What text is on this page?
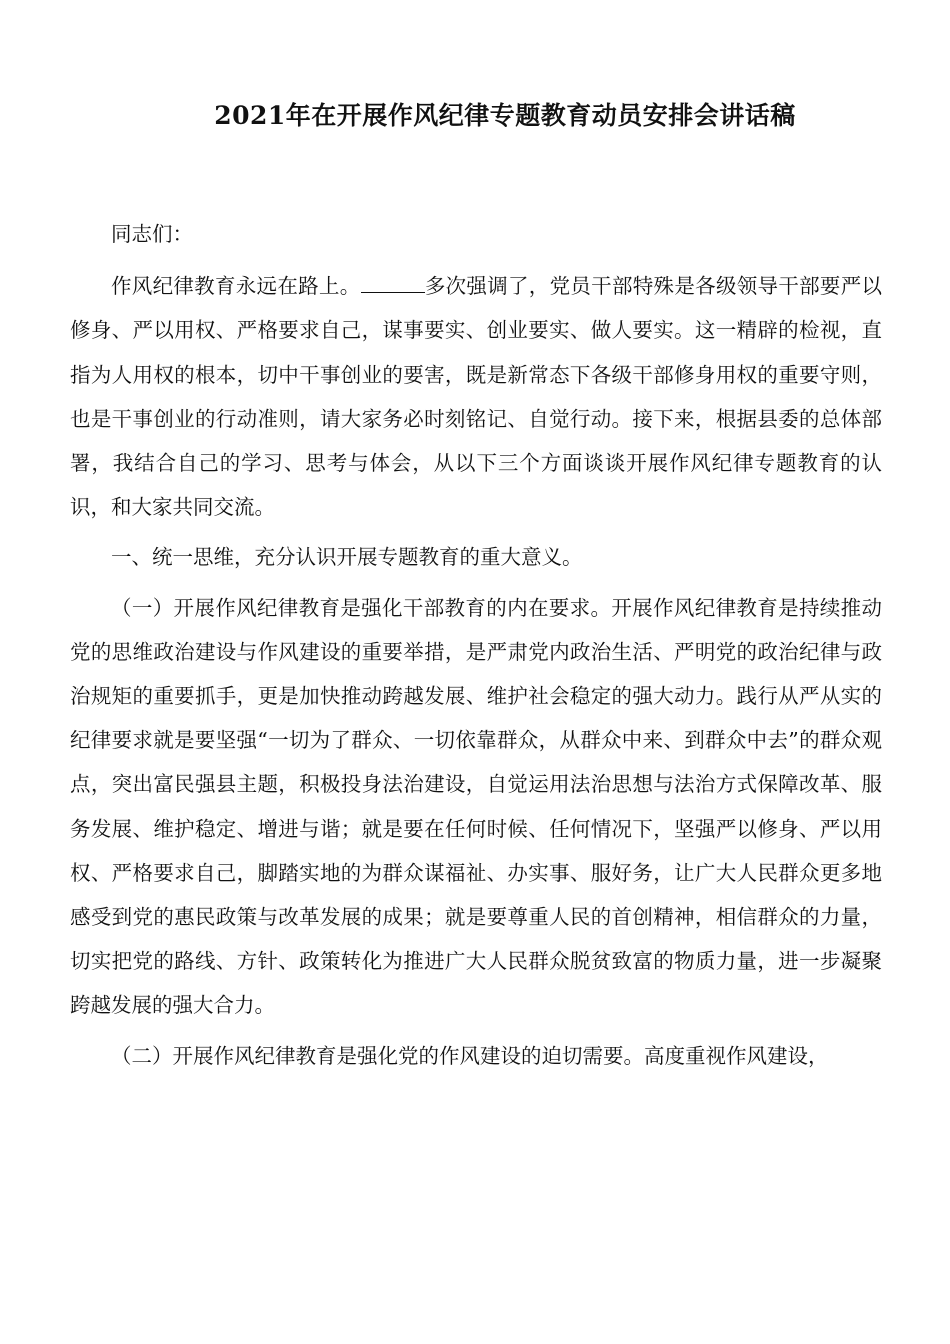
2021年在开展作风纪律专题教育动员安排会讲话稿

同志们：

作风纪律教育永远在路上。	多次强调了，党员干部特殊是各级领导干部要严以修身、严以用权、严格要求自己，谋事要实、创业要实、做人要实。这一精辟的检视，直指为人用权的根本，切中干事创业的要害，既是新常态下各级干部修身用权的重要守则，也是干事创业的行动准则，请大家务必时刻铭记、自觉行动。接下来，根据县委的总体部署，我结合自己的学习、思考与体会，从以下三个方面谈谈开展作风纪律专题教育的认识，和大家共同交流。

一、统一思维，充分认识开展专题教育的重大意义。

（一）开展作风纪律教育是强化干部教育的内在要求。开展作风纪律教育是持续推动党的思维政治建设与作风建设的重要举措，是严肃党内政治生活、严明党的政治纪律与政治规矩的重要抓手，更是加快推动跨越发展、维护社会稳定的强大动力。践行从严从实的纪律要求就是要坚强“一切为了群众、一切依靠群众，从群众中来、到群众中去”的群众观点，突出富民强县主题，积极投身法治建设，自觉运用法治思想与法治方式保障改革、服务发展、维护稳定、增进与谐；就是要在任何时候、任何情况下，坚强严以修身、严以用权、严格要求自己，脚踏实地的为群众谋福祉、办实事、服好务，让广大人民群众更多地感受到党的惠民政策与改革发展的成果；就是要尊重人民的首创精神，相信群众的力量，切实把党的路线、方针、政策转化为推进广大人民群众脱贫致富的物质力量，进一步凝聚跨越发展的强大合力。

（二）开展作风纪律教育是强化党的作风建设的迫切需要。高度重视作风建设，
